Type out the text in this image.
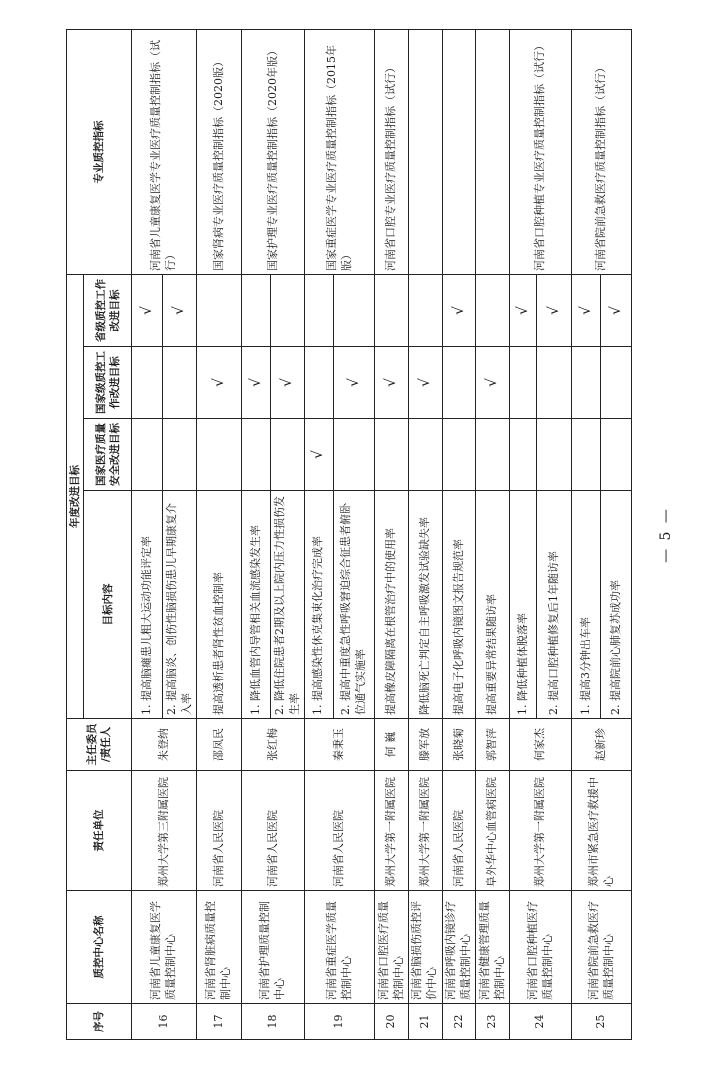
序号	质控中心名称	责任单位	主任委员
/责任人	年度改进目标				专业质控指标
				目标内容	国家医疗质量安全改进目标	国家级质控工作改进目标	省级质控工作改进目标	
16	河南省儿童康复医学质量控制中心	郑州大学第三附属医院	朱登纳	1. 提高脑瘫患儿粗大运动功能评定率			√	河南省儿童康复医学专业医疗质量控制指标（试行）
				2. 提高脑炎、创伤性脑损伤患儿早期康复介入率			√	
17	河南省肾脏病质量控制中心	河南省人民医院	邵凤民	提高透析患者肾性贫血控制率		√		国家肾病专业医疗质量控制指标（2020版）
18	河南省护理质量控制中心	河南省人民医院	张红梅	1. 降低血管内导管相关血流感染发生率		√		国家护理专业医疗质量控制指标（2020年版）
				2. 降低住院患者2期及以上院内压力性损伤发生率		√		
19	河南省重症医学质量控制中心	河南省人民医院	秦秉玉	1. 提高感染性休克集束化治疗完成率	√			国家重症医学专业医疗质量控制指标（2015年版）
				2. 提高中重度急性呼吸窘迫综合征患者俯卧位通气实施率		√		
20	河南省口腔医疗质量控制中心	郑州大学第一附属医院	何 巍	提高橡皮障隔离在根管治疗中的使用率		√		河南省口腔专业医疗质量控制指标（试行）
21	河南省脑损伤质控评价中心	郑州大学第一附属医院	滕军放	降低脑死亡判定自主呼吸激发试验缺失率		√		
22	河南省呼吸内镜诊疗质量控制中心	河南省人民医院	张晓菊	提高电子化呼吸内镜图文报告规范率			√	
23	河南省健康管理质量控制中心	阜外华中心血管病医院	郭智萍	提高重要异常结果随访率		√		
24	河南省口腔种植医疗质量控制中心	郑州大学第一附属医院	何家杰	1. 降低种植体脱落率			√	河南省口腔种植专业医疗质量控制指标（试行）
				2. 提高口腔种植修复后1年随访率			√	
25	河南省院前急救医疗质量控制中心	郑州市紧急医疗救援中心	赵新珍	1. 提高3分钟出车率			√	河南省院前急救医疗质量控制指标（试行）
				2. 提高院前心肺复苏成功率			√	
— 5 —
